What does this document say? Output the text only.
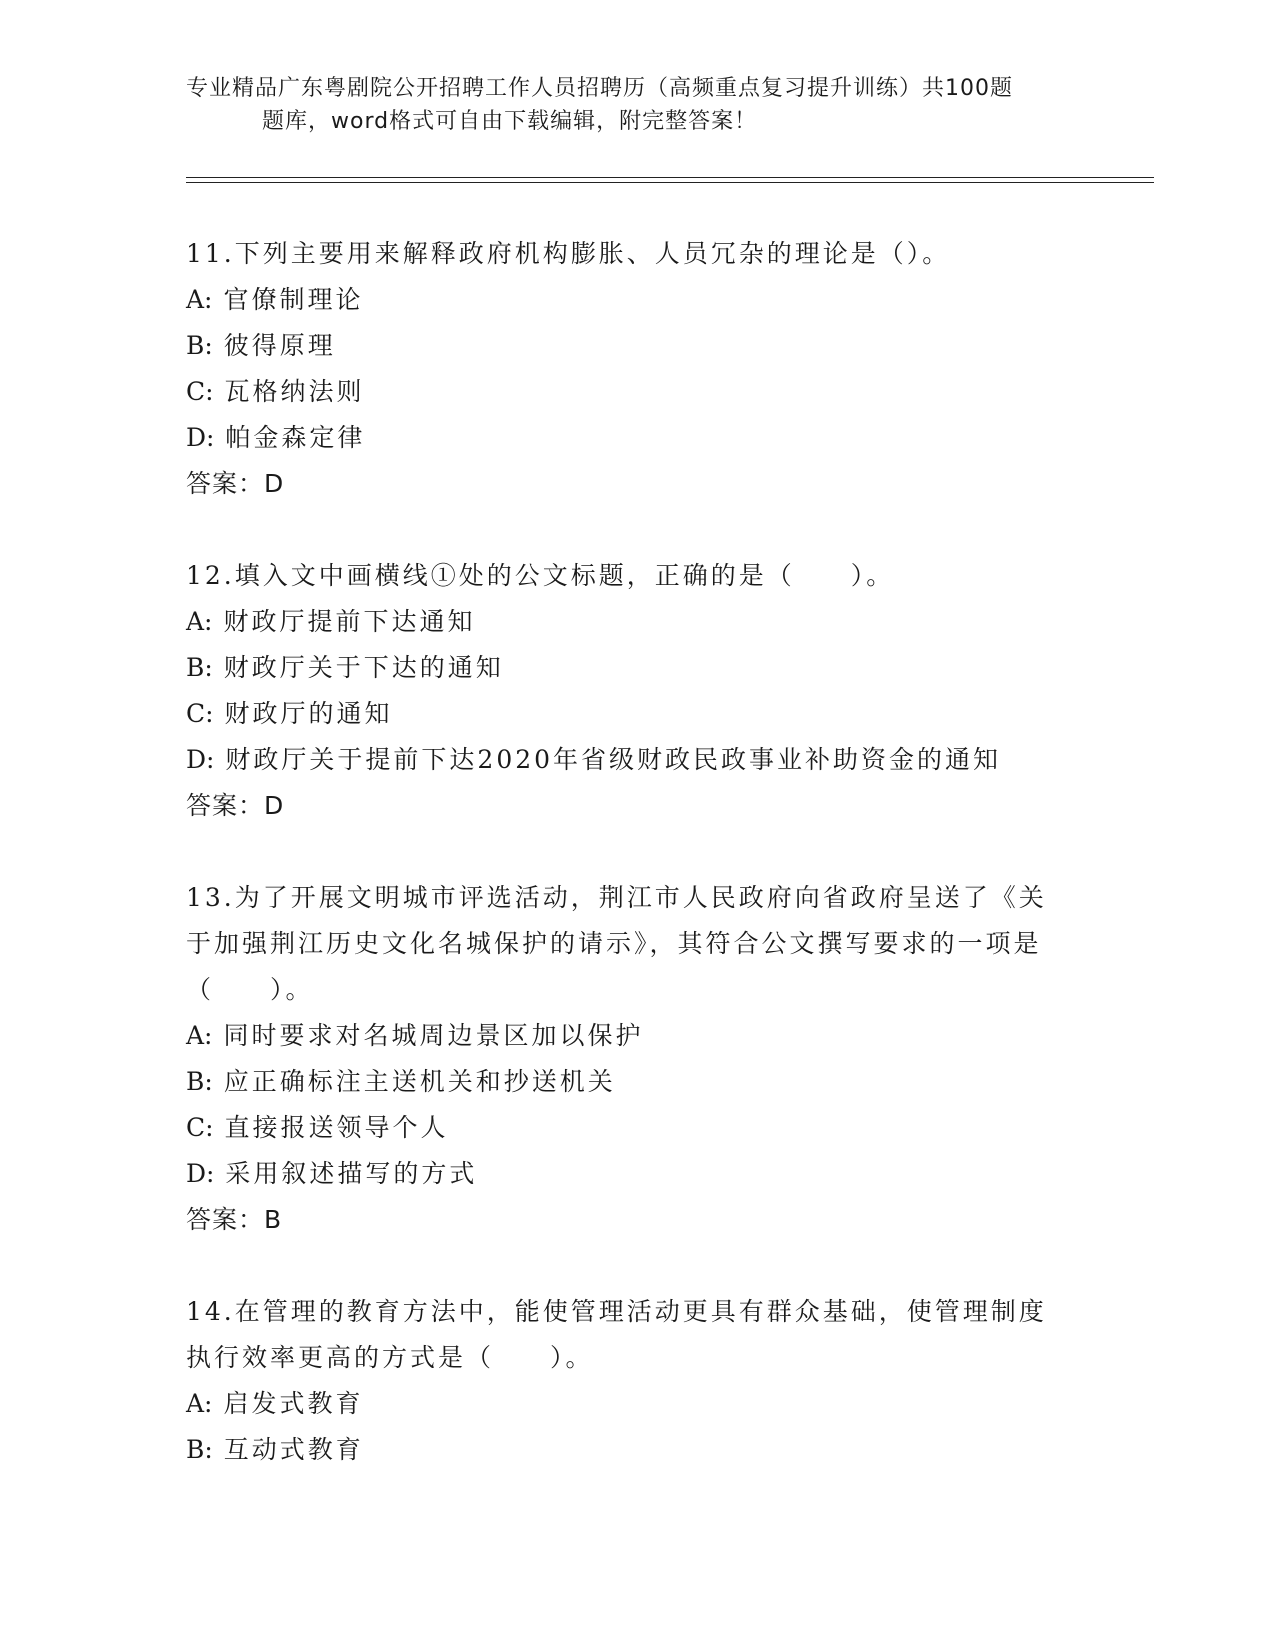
专业精品广东粤剧院公开招聘工作人员招聘历（高频重点复习提升训练）共100题
题库，word格式可自由下载编辑，附完整答案！
11.下列主要用来解释政府机构膨胀、人员冗杂的理论是（）。
A: 官僚制理论
B: 彼得原理
C: 瓦格纳法则
D: 帕金森定律
答案：D
12.填入文中画横线①处的公文标题，正确的是（　　）。
A: 财政厅提前下达通知
B: 财政厅关于下达的通知
C: 财政厅的通知
D: 财政厅关于提前下达2020年省级财政民政事业补助资金的通知
答案：D
13.为了开展文明城市评选活动，荆江市人民政府向省政府呈送了《关于加强荆江历史文化名城保护的请示》，其符合公文撰写要求的一项是（　　）。
A: 同时要求对名城周边景区加以保护
B: 应正确标注主送机关和抄送机关
C: 直接报送领导个人
D: 采用叙述描写的方式
答案：B
14.在管理的教育方法中，能使管理活动更具有群众基础，使管理制度执行效率更高的方式是（　　）。
A: 启发式教育
B: 互动式教育
